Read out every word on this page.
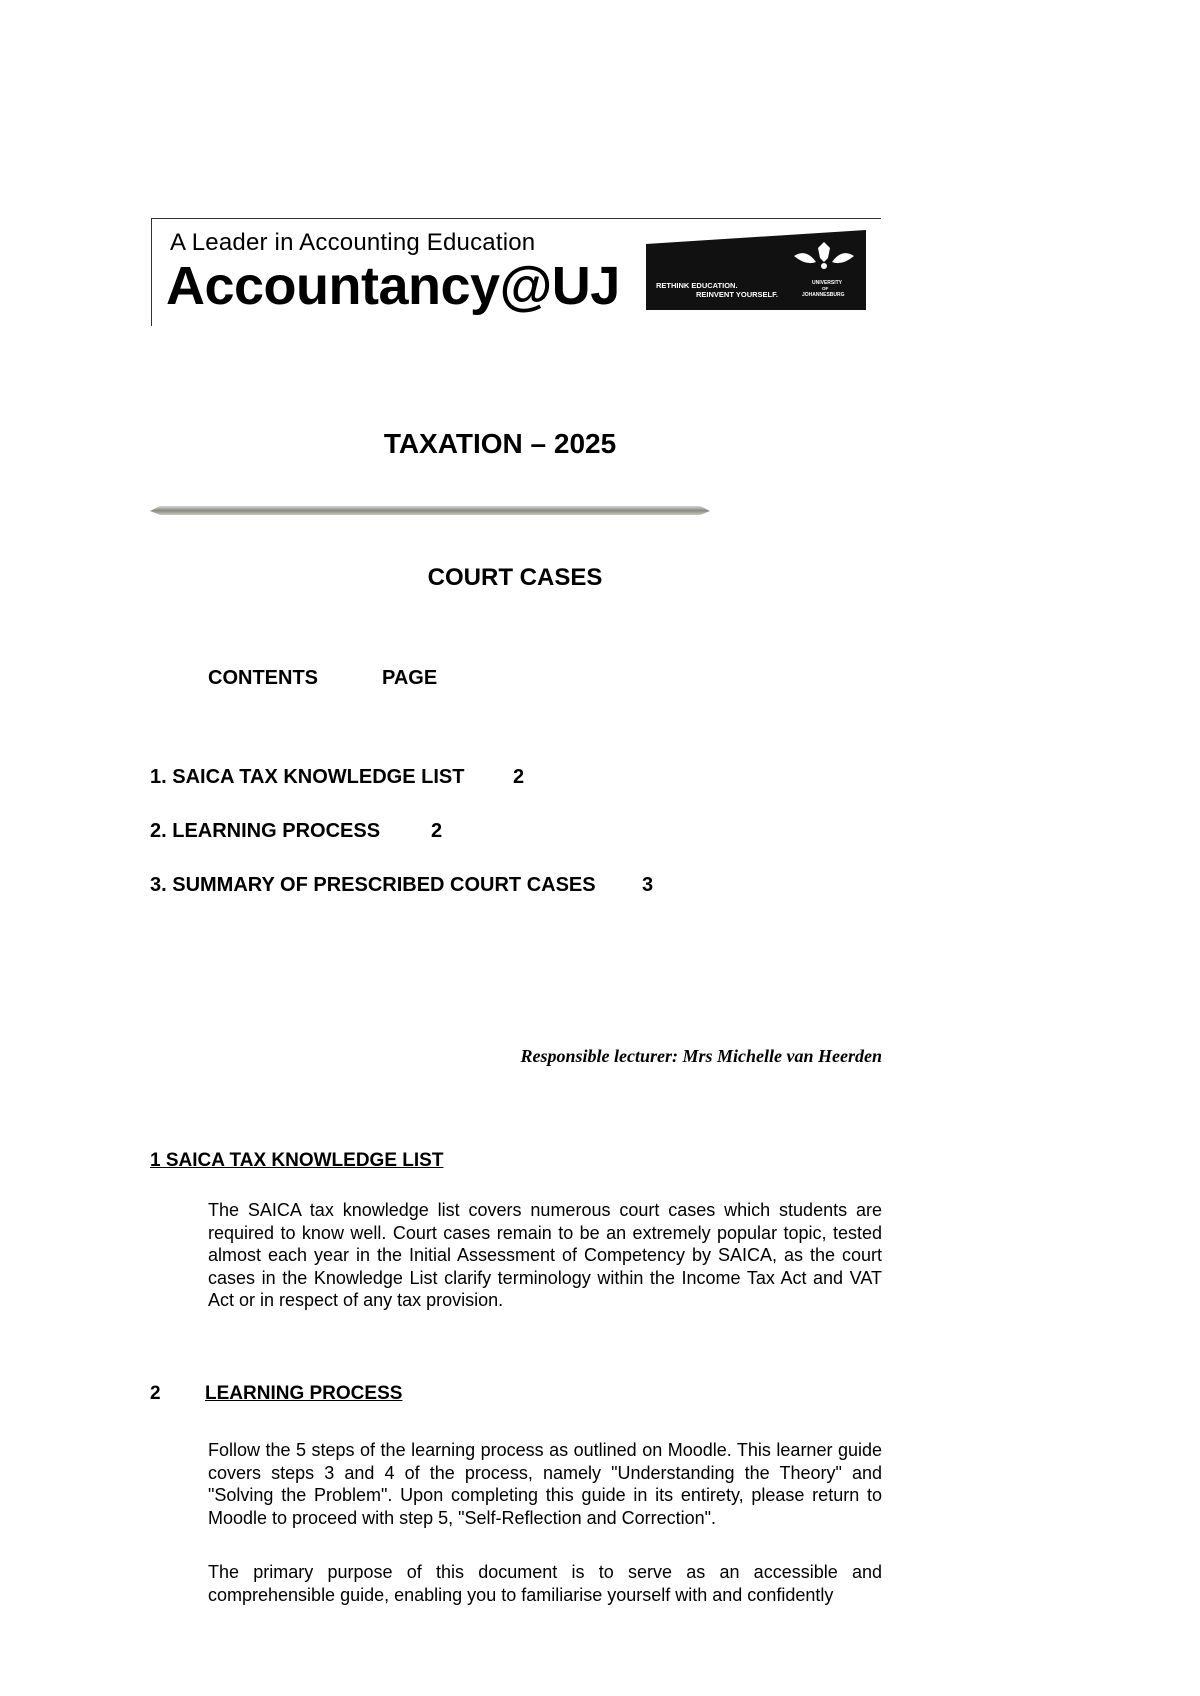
A Leader in Accounting Education
Accountancy@UJ	RETHINK EDUCATION.
REINVENT YOURSELF.
UNIVERSITY
OF
JOHANNESBURG
TAXATION – 2025
COURT CASES
CONTENTS	PAGE
1. SAICA TAX KNOWLEDGE LIST 2
2. LEARNING PROCESS	2
3. SUMMARY OF PRESCRIBED COURT CASES 3
Responsible lecturer: Mrs Michelle van Heerden
1 SAICA TAX KNOWLEDGE LIST
The SAICA tax knowledge list covers numerous court cases which students are required to know well. Court cases remain to be an extremely popular topic, tested almost each year in the Initial Assessment of Competency by SAICA, as the court cases in the Knowledge List clarify terminology within the Income Tax Act and VAT Act or in respect of any tax provision.
2 LEARNING PROCESS
Follow the 5 steps of the learning process as outlined on Moodle. This learner guide covers steps 3 and 4 of the process, namely "Understanding the Theory" and "Solving the Problem". Upon completing this guide in its entirety, please return to Moodle to proceed with step 5, "Self-Reflection and Correction".
The primary purpose of this document is to serve as an accessible and comprehensible guide, enabling you to familiarise yourself with and confidently
